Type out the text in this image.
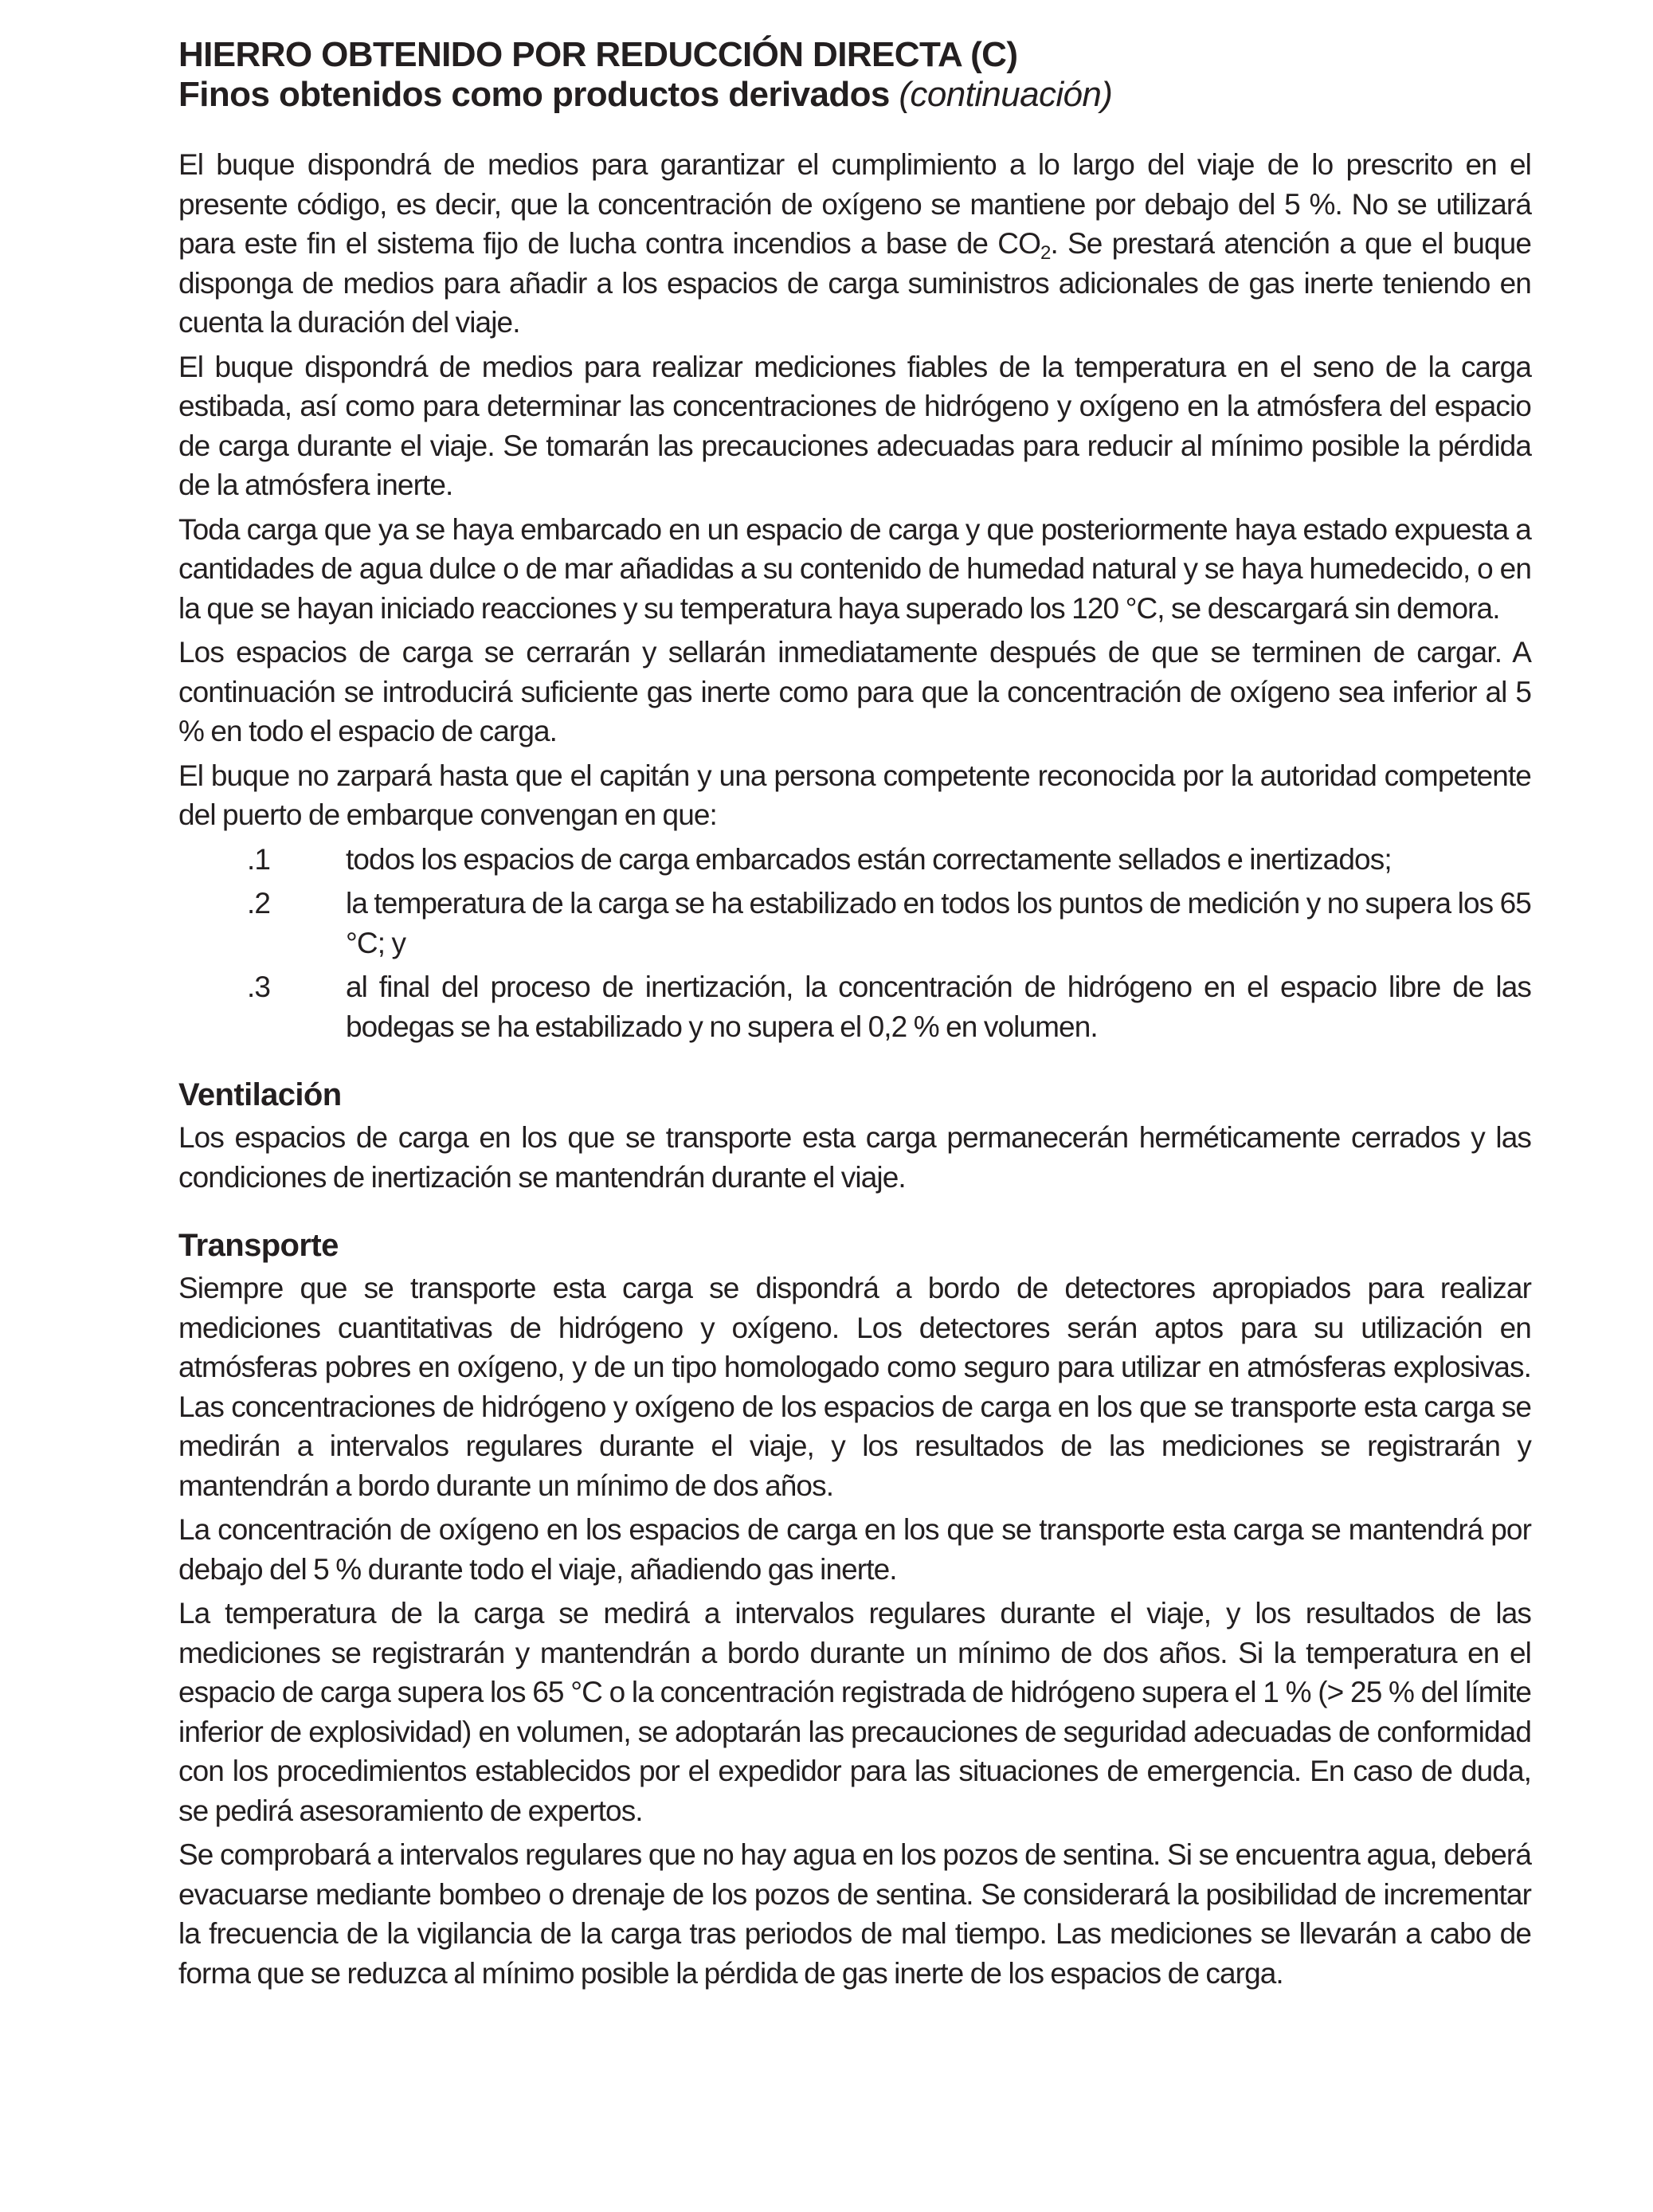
HIERRO OBTENIDO POR REDUCCIÓN DIRECTA (C)
Finos obtenidos como productos derivados (continuación)

El buque dispondrá de medios para garantizar el cumplimiento a lo largo del viaje de lo prescrito en el presente código, es decir, que la concentración de oxígeno se mantiene por debajo del 5 %. No se utilizará para este fin el sistema fijo de lucha contra incendios a base de $CO_2$. Se prestará atención a que el buque disponga de medios para añadir a los espacios de carga suministros adicionales de gas inerte teniendo en cuenta la duración del viaje.

El buque dispondrá de medios para realizar mediciones fiables de la temperatura en el seno de la carga estibada, así como para determinar las concentraciones de hidrógeno y oxígeno en la atmósfera del espacio de carga durante el viaje. Se tomarán las precauciones adecuadas para reducir al mínimo posible la pérdida de la atmósfera inerte.

Toda carga que ya se haya embarcado en un espacio de carga y que posteriormente haya estado expuesta a cantidades de agua dulce o de mar añadidas a su contenido de humedad natural y se haya humedecido, o en la que se hayan iniciado reacciones y su temperatura haya superado los 120 °C, se descargará sin demora.

Los espacios de carga se cerrarán y sellarán inmediatamente después de que se terminen de cargar. A continuación se introducirá suficiente gas inerte como para que la concentración de oxígeno sea inferior al 5 % en todo el espacio de carga.

El buque no zarpará hasta que el capitán y una persona competente reconocida por la autoridad competente del puerto de embarque convengan en que:

.1	todos los espacios de carga embarcados están correctamente sellados e inertizados;
.2	la temperatura de la carga se ha estabilizado en todos los puntos de medición y no supera los 65 °C; y
.3	al final del proceso de inertización, la concentración de hidrógeno en el espacio libre de las bodegas se ha estabilizado y no supera el 0,2 % en volumen.
Ventilación

Los espacios de carga en los que se transporte esta carga permanecerán herméticamente cerrados y las condiciones de inertización se mantendrán durante el viaje.

Transporte

Siempre que se transporte esta carga se dispondrá a bordo de detectores apropiados para realizar mediciones cuantitativas de hidrógeno y oxígeno. Los detectores serán aptos para su utilización en atmósferas pobres en oxígeno, y de un tipo homologado como seguro para utilizar en atmósferas explosivas. Las concentraciones de hidrógeno y oxígeno de los espacios de carga en los que se transporte esta carga se medirán a intervalos regulares durante el viaje, y los resultados de las mediciones se registrarán y mantendrán a bordo durante un mínimo de dos años.

La concentración de oxígeno en los espacios de carga en los que se transporte esta carga se mantendrá por debajo del 5 % durante todo el viaje, añadiendo gas inerte.

La temperatura de la carga se medirá a intervalos regulares durante el viaje, y los resultados de las mediciones se registrarán y mantendrán a bordo durante un mínimo de dos años. Si la temperatura en el espacio de carga supera los 65 °C o la concentración registrada de hidrógeno supera el 1 % (> 25 % del límite inferior de explosividad) en volumen, se adoptarán las precauciones de seguridad adecuadas de conformidad con los procedimientos establecidos por el expedidor para las situaciones de emergencia. En caso de duda, se pedirá asesoramiento de expertos.

Se comprobará a intervalos regulares que no hay agua en los pozos de sentina. Si se encuentra agua, deberá evacuarse mediante bombeo o drenaje de los pozos de sentina. Se considerará la posibilidad de incrementar la frecuencia de la vigilancia de la carga tras periodos de mal tiempo. Las mediciones se llevarán a cabo de forma que se reduzca al mínimo posible la pérdida de gas inerte de los espacios de carga.
